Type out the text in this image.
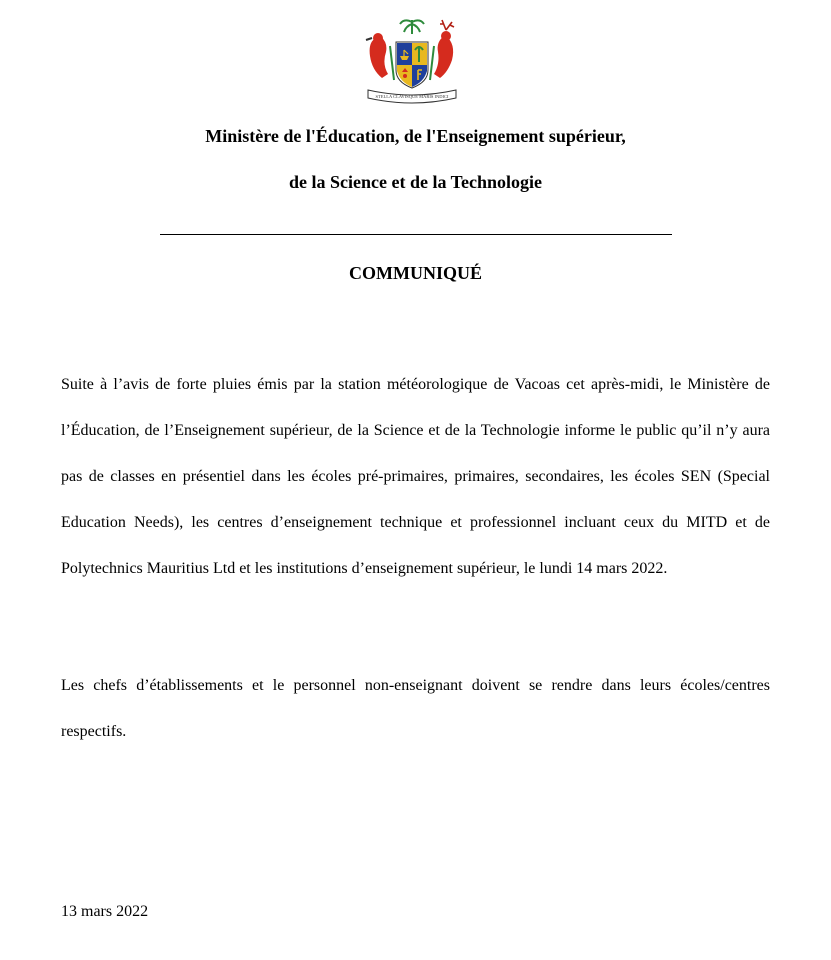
STELLA CLAVISQUE MARIS INDICI
Ministère de l'Éducation, de l'Enseignement supérieur,
de la Science et de la Technologie
COMMUNIQUÉ

Suite à l’avis de forte pluies émis par la station météorologique de Vacoas cet après-midi, le Ministère de l’Éducation, de l’Enseignement supérieur, de la Science et de la Technologie informe le public qu’il n’y aura pas de classes en présentiel dans les écoles pré-primaires, primaires, secondaires, les écoles SEN (Special Education Needs), les centres d’enseignement technique et professionnel incluant ceux du MITD et de Polytechnics Mauritius Ltd et les institutions d’enseignement supérieur, le lundi 14 mars 2022.

Les chefs d’établissements et le personnel non-enseignant doivent se rendre dans leurs écoles/centres respectifs.

13 mars 2022
